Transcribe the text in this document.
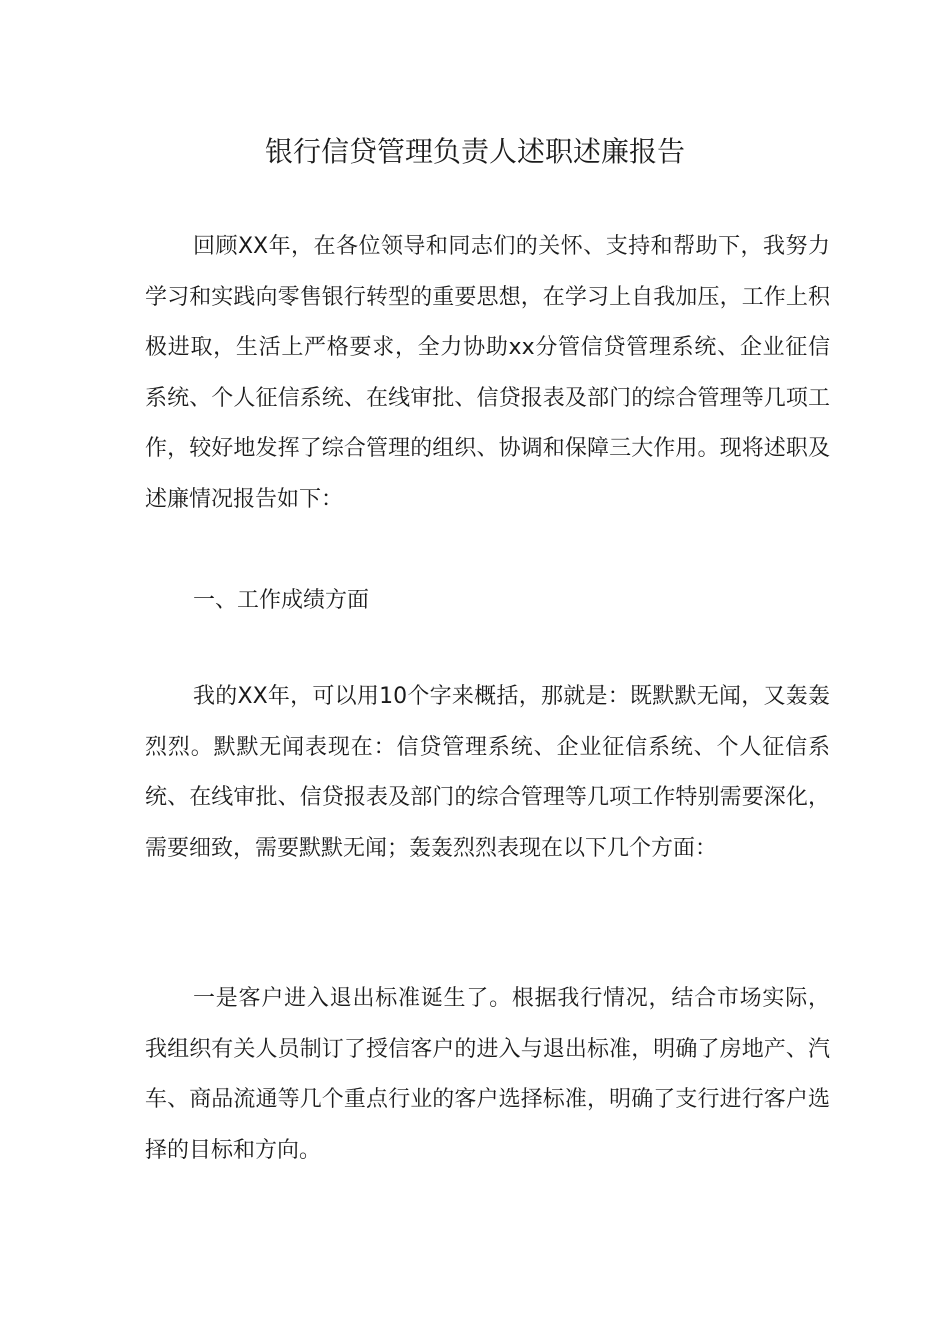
银行信贷管理负责人述职述廉报告

回顾XX年，在各位领导和同志们的关怀、支持和帮助下，我努力学习和实践向零售银行转型的重要思想，在学习上自我加压，工作上积极进取，生活上严格要求，全力协助xx分管信贷管理系统、企业征信系统、个人征信系统、在线审批、信贷报表及部门的综合管理等几项工作，较好地发挥了综合管理的组织、协调和保障三大作用。现将述职及述廉情况报告如下：

一、工作成绩方面

我的XX年，可以用10个字来概括，那就是：既默默无闻，又轰轰烈烈。默默无闻表现在：信贷管理系统、企业征信系统、个人征信系统、在线审批、信贷报表及部门的综合管理等几项工作特别需要深化，需要细致，需要默默无闻；轰轰烈烈表现在以下几个方面：

一是客户进入退出标准诞生了。根据我行情况，结合市场实际，我组织有关人员制订了授信客户的进入与退出标准，明确了房地产、汽车、商品流通等几个重点行业的客户选择标准，明确了支行进行客户选择的目标和方向。
